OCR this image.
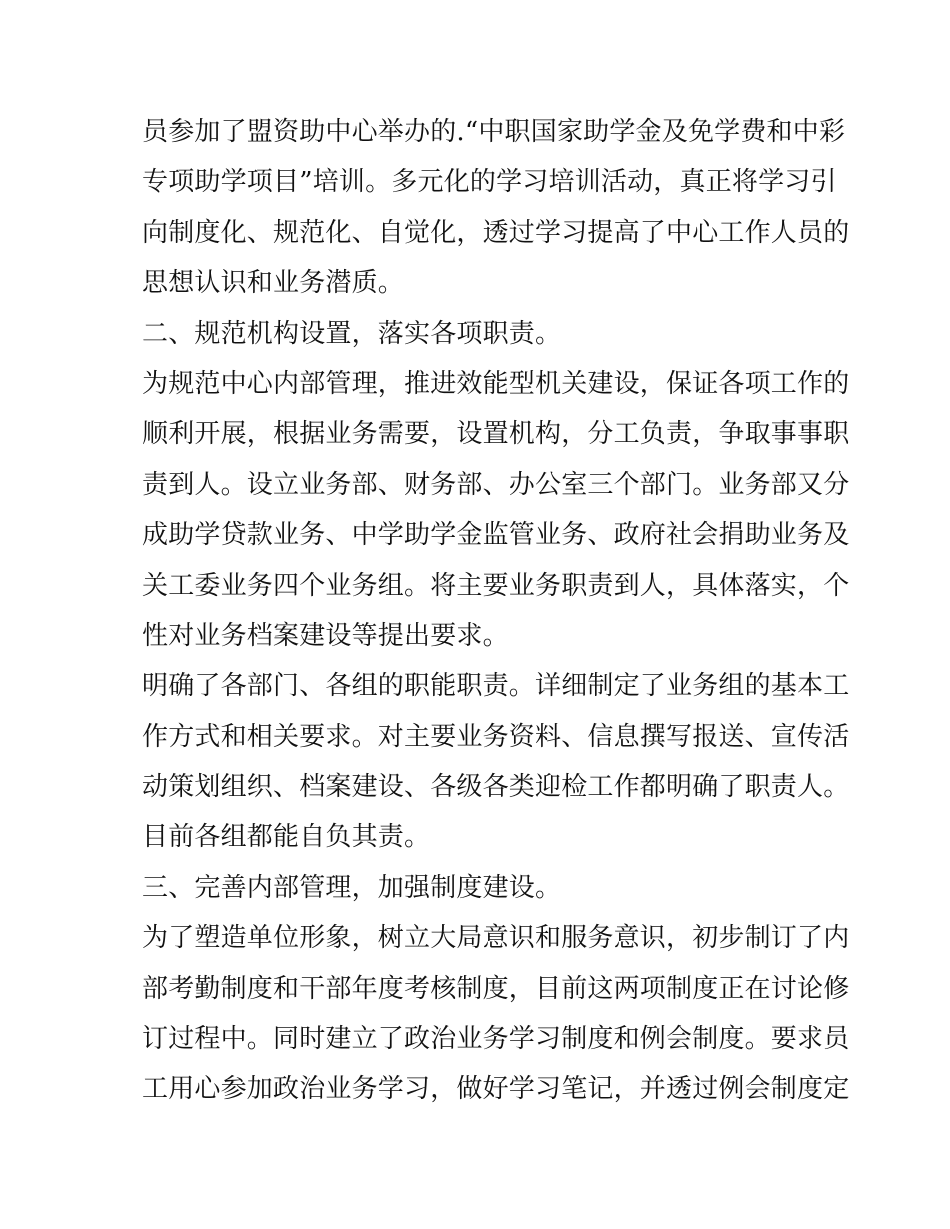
员参加了盟资助中心举办的.“中职国家助学金及免学费和中彩
专项助学项目”培训。多元化的学习培训活动，真正将学习引
向制度化、规范化、自觉化，透过学习提高了中心工作人员的
思想认识和业务潜质。
二、规范机构设置，落实各项职责。
为规范中心内部管理，推进效能型机关建设，保证各项工作的
顺利开展，根据业务需要，设置机构，分工负责，争取事事职
责到人。设立业务部、财务部、办公室三个部门。业务部又分
成助学贷款业务、中学助学金监管业务、政府社会捐助业务及
关工委业务四个业务组。将主要业务职责到人，具体落实，个
性对业务档案建设等提出要求。
明确了各部门、各组的职能职责。详细制定了业务组的基本工
作方式和相关要求。对主要业务资料、信息撰写报送、宣传活
动策划组织、档案建设、各级各类迎检工作都明确了职责人。
目前各组都能自负其责。
三、完善内部管理，加强制度建设。
为了塑造单位形象，树立大局意识和服务意识，初步制订了内
部考勤制度和干部年度考核制度，目前这两项制度正在讨论修
订过程中。同时建立了政治业务学习制度和例会制度。要求员
工用心参加政治业务学习，做好学习笔记，并透过例会制度定
